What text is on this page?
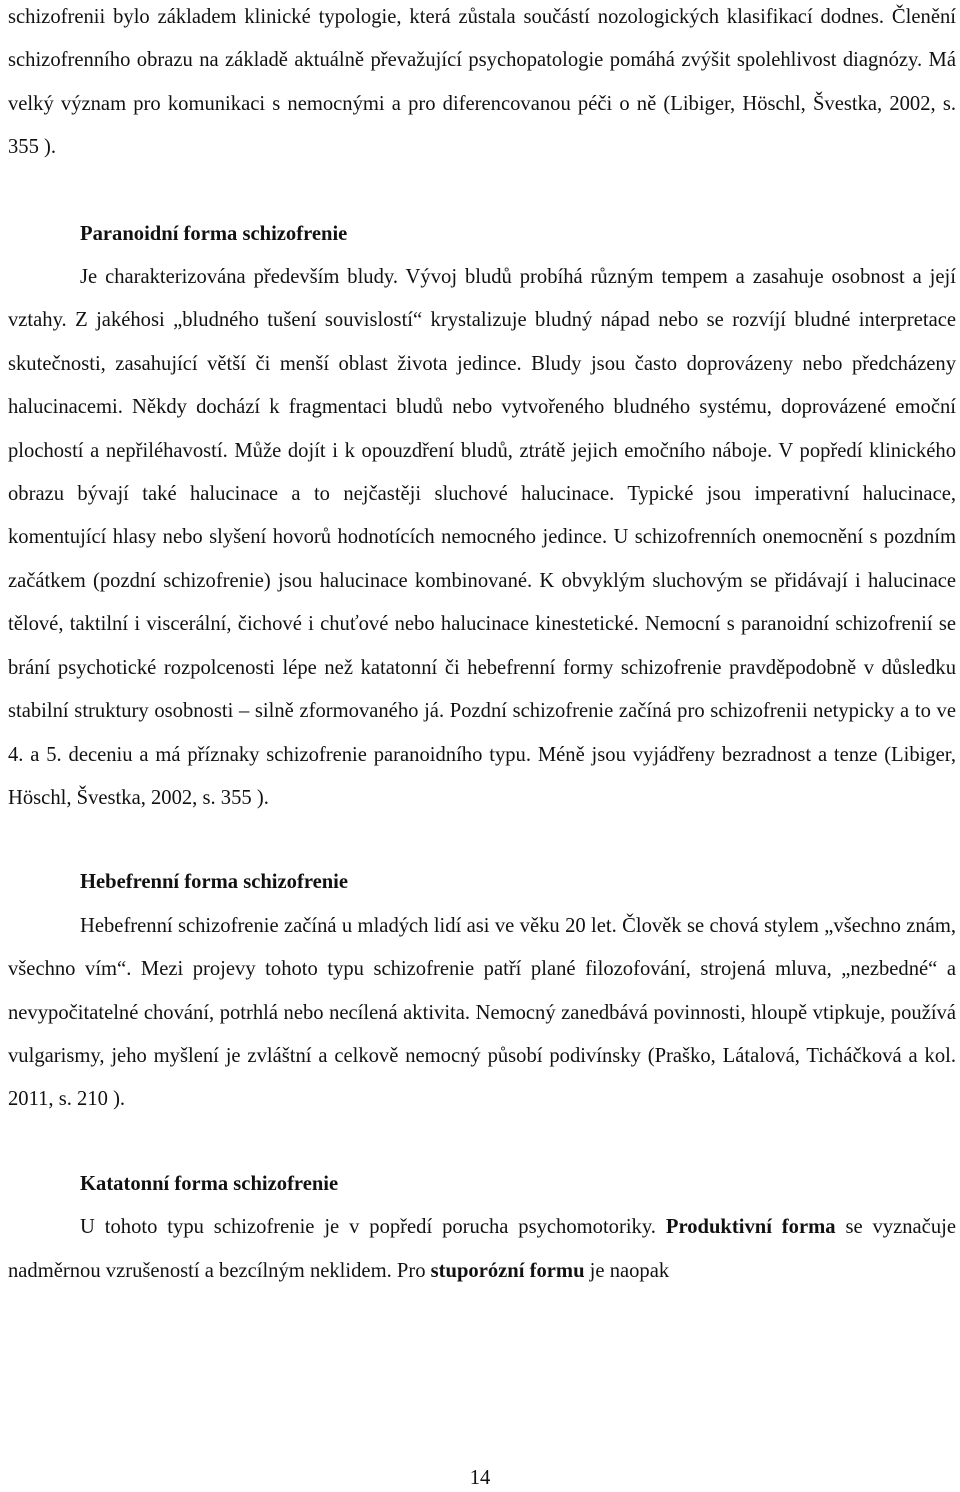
schizofrenii bylo základem klinické typologie, která zůstala součástí nozologických klasifikací dodnes. Členění schizofrenního obrazu na základě aktuálně převažující psychopatologie pomáhá zvýšit spolehlivost diagnózy. Má velký význam pro komunikaci s nemocnými a pro diferencovanou péči o ně (Libiger, Höschl, Švestka, 2002, s. 355 ).

Paranoidní forma schizofrenie

Je charakterizována především bludy. Vývoj bludů probíhá různým tempem a zasahuje osobnost a její vztahy. Z jakéhosi „bludného tušení souvislostí“ krystalizuje bludný nápad nebo se rozvíjí bludné interpretace skutečnosti, zasahující větší či menší oblast života jedince. Bludy jsou často doprovázeny nebo předcházeny halucinacemi. Někdy dochází k fragmentaci bludů nebo vytvořeného bludného systému, doprovázené emoční plochostí a nepřiléhavostí. Může dojít i k opouzdření bludů, ztrátě jejich emočního náboje. V popředí klinického obrazu bývají také halucinace a to nejčastěji sluchové halucinace. Typické jsou imperativní halucinace, komentující hlasy nebo slyšení hovorů hodnotících nemocného jedince. U schizofrenních onemocnění s pozdním začátkem (pozdní schizofrenie) jsou halucinace kombinované. K obvyklým sluchovým se přidávají i halucinace tělové, taktilní i viscerální, čichové i chuťové nebo halucinace kinestetické. Nemocní s paranoidní schizofrenií se brání psychotické rozpolcenosti lépe než katatonní či hebefrenní formy schizofrenie pravděpodobně v důsledku stabilní struktury osobnosti – silně zformovaného já. Pozdní schizofrenie začíná pro schizofrenii netypicky a to ve 4. a 5. deceniu a má příznaky schizofrenie paranoidního typu. Méně jsou vyjádřeny bezradnost a tenze (Libiger, Höschl, Švestka, 2002, s. 355 ).

Hebefrenní forma schizofrenie

Hebefrenní schizofrenie začíná u mladých lidí asi ve věku 20 let. Člověk se chová stylem „všechno znám, všechno vím“. Mezi projevy tohoto typu schizofrenie patří plané filozofování, strojená mluva, „nezbedné“ a nevypočitatelné chování, potrhlá nebo necílená aktivita. Nemocný zanedbává povinnosti, hloupě vtipkuje, používá vulgarismy, jeho myšlení je zvláštní a celkově nemocný působí podivínsky (Praško, Látalová, Ticháčková a kol. 2011, s. 210 ).

Katatonní forma schizofrenie

U tohoto typu schizofrenie je v popředí porucha psychomotoriky. Produktivní forma se vyznačuje nadměrnou vzrušeností a bezcílným neklidem. Pro stuporózní formu je naopak

14
